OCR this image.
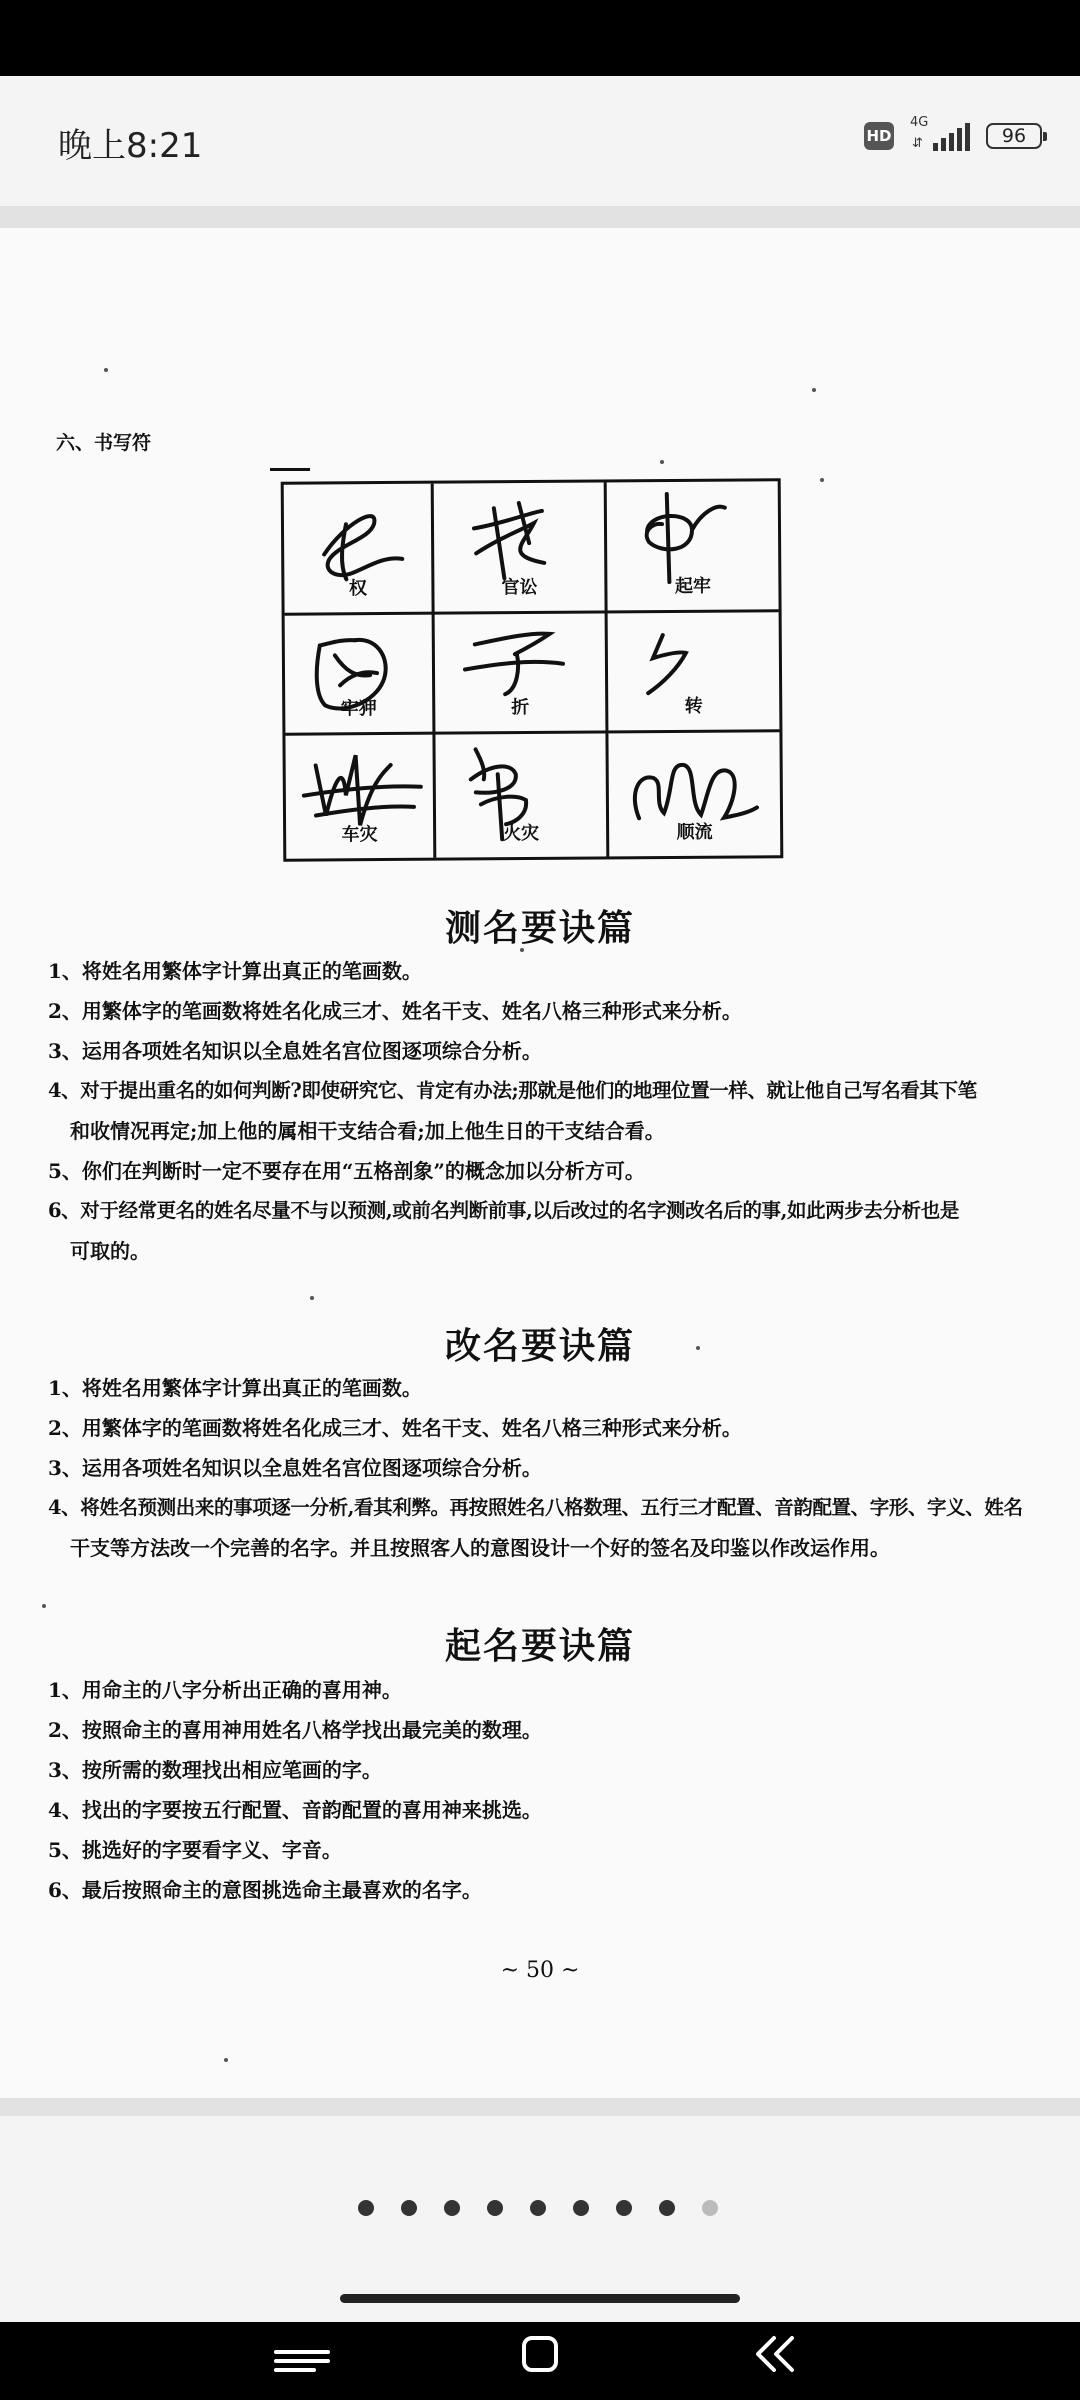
晚上8:21	HD
4G
⇵	96
六、书写符
权	官讼	起牢
牢狎	折	转
车灾	火灾	顺流
测名要诀篇
1、将姓名用繁体字计算出真正的笔画数。
2、用繁体字的笔画数将姓名化成三才、姓名干支、姓名八格三种形式来分析。
3、运用各项姓名知识以全息姓名宫位图逐项综合分析。
4、对于提出重名的如何判断?即使研究它、肯定有办法;那就是他们的地理位置一样、就让他自己写名看其下笔
和收情况再定;加上他的属相干支结合看;加上他生日的干支结合看。
5、你们在判断时一定不要存在用“五格剖象”的概念加以分析方可。
6、对于经常更名的姓名尽量不与以预测,或前名判断前事,以后改过的名字测改名后的事,如此两步去分析也是
可取的。
改名要诀篇
1、将姓名用繁体字计算出真正的笔画数。
2、用繁体字的笔画数将姓名化成三才、姓名干支、姓名八格三种形式来分析。
3、运用各项姓名知识以全息姓名宫位图逐项综合分析。
4、将姓名预测出来的事项逐一分析,看其利弊。再按照姓名八格数理、五行三才配置、音韵配置、字形、字义、姓名
干支等方法改一个完善的名字。并且按照客人的意图设计一个好的签名及印鉴以作改运作用。
起名要诀篇
1、用命主的八字分析出正确的喜用神。
2、按照命主的喜用神用姓名八格学找出最完美的数理。
3、按所需的数理找出相应笔画的字。
4、找出的字要按五行配置、音韵配置的喜用神来挑选。
5、挑选好的字要看字义、字音。
6、最后按照命主的意图挑选命主最喜欢的名字。
~ 50 ~
